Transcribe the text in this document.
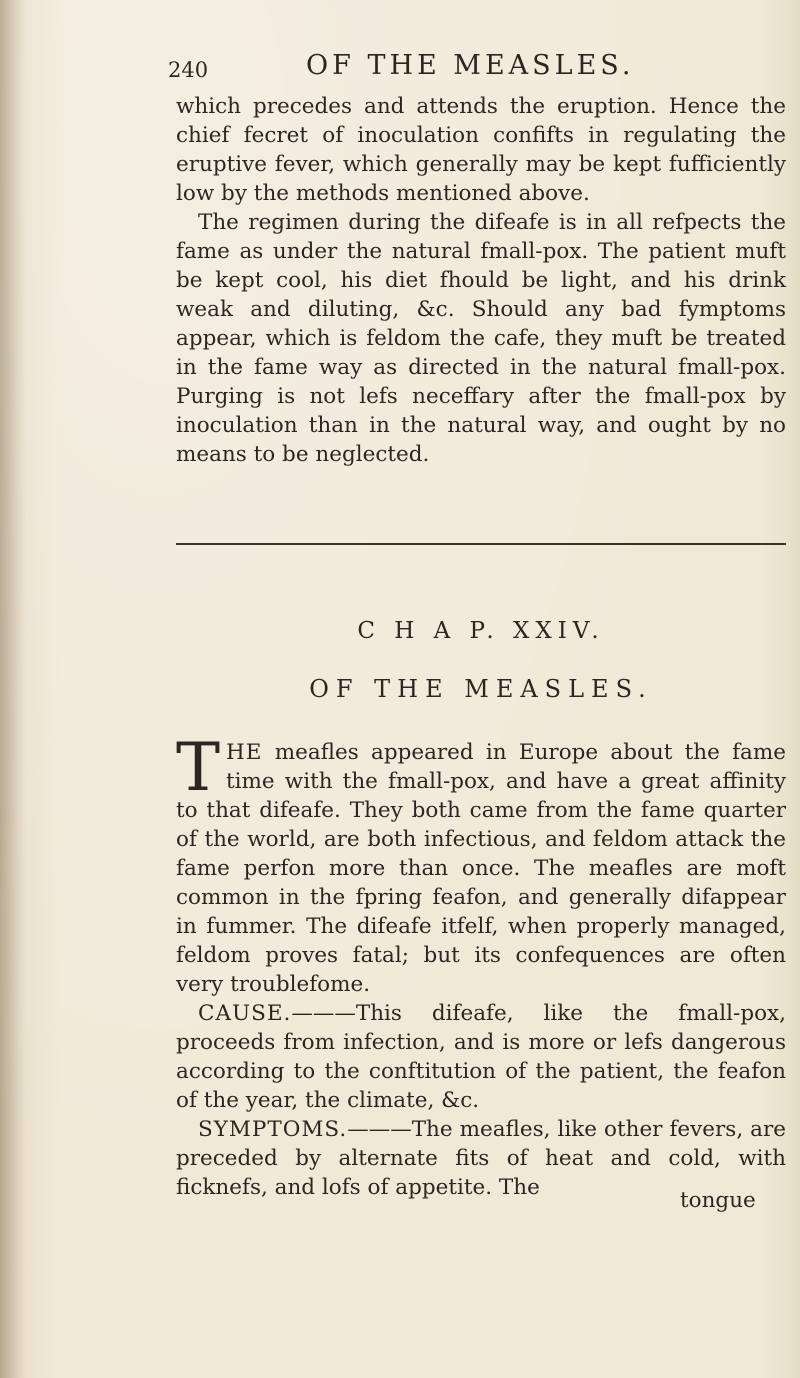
240	OF THE MEASLES.

which precedes and attends the eruption. Hence the chief fecret of inoculation confifts in regulating the eruptive fever, which generally may be kept fufficiently low by the methods mentioned above.

The regimen during the difeafe is in all refpects the fame as under the natural fmall-pox. The patient muft be kept cool, his diet fhould be light, and his drink weak and diluting, &c. Should any bad fymptoms appear, which is feldom the cafe, they muft be treated in the fame way as directed in the natural fmall-pox. Purging is not lefs neceffary after the fmall-pox by inoculation than in the natural way, and ought by no means to be neglected.

C H A P. XXIV.
OF THE MEASLES.

THE meafles appeared in Europe about the fame time with the fmall-pox, and have a great affinity to that difeafe. They both came from the fame quarter of the world, are both infectious, and feldom attack the fame perfon more than once. The meafles are moft common in the fpring feafon, and generally difappear in fummer. The difeafe itfelf, when properly managed, feldom proves fatal; but its confequences are often very troublefome.

CAUSE.———This difeafe, like the fmall-pox, proceeds from infection, and is more or lefs dangerous according to the conftitution of the patient, the feafon of the year, the climate, &c.

SYMPTOMS.———The meafles, like other fevers, are preceded by alternate fits of heat and cold, with ficknefs, and lofs of appetite. The

tongue
